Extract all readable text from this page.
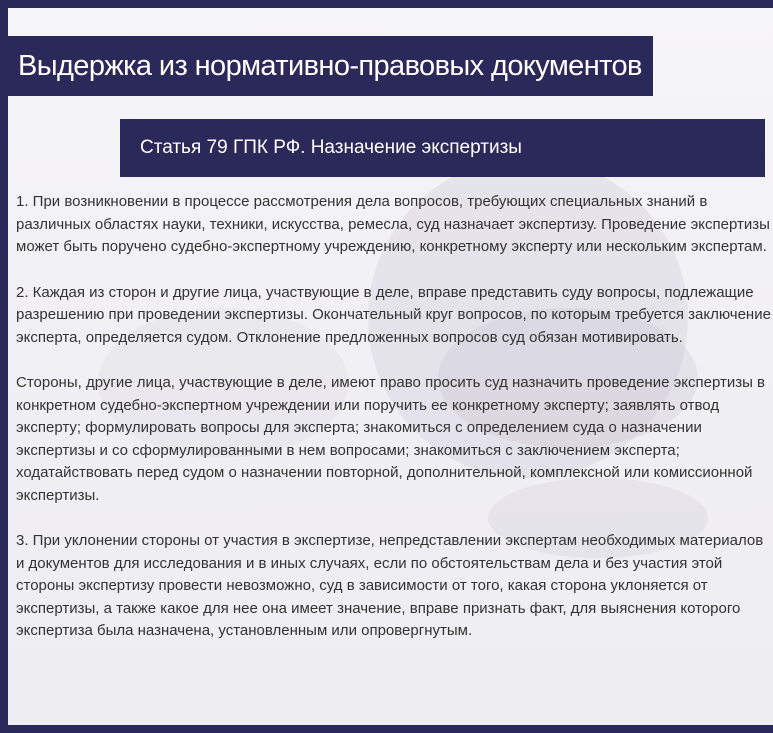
Выдержка из нормативно-правовых документов
Статья 79 ГПК РФ. Назначение экспертизы

1. При возникновении в процессе рассмотрения дела вопросов, требующих специальных знаний в различных областях науки, техники, искусства, ремесла, суд назначает экспертизу. Проведение экспертизы может быть поручено судебно-экспертному учреждению, конкретному эксперту или нескольким экспертам.

2. Каждая из сторон и другие лица, участвующие в деле, вправе представить суду вопросы, подлежащие разрешению при проведении экспертизы. Окончательный круг вопросов, по которым требуется заключение эксперта, определяется судом. Отклонение предложенных вопросов суд обязан мотивировать.

Стороны, другие лица, участвующие в деле, имеют право просить суд назначить проведение экспертизы в конкретном судебно-экспертном учреждении или поручить ее конкретному эксперту; заявлять отвод эксперту; формулировать вопросы для эксперта; знакомиться с определением суда о назначении экспертизы и со сформулированными в нем вопросами; знакомиться с заключением эксперта; ходатайствовать перед судом о назначении повторной, дополнительной, комплексной или комиссионной экспертизы.

3. При уклонении стороны от участия в экспертизе, непредставлении экспертам необходимых материалов и документов для исследования и в иных случаях, если по обстоятельствам дела и без участия этой стороны экспертизу провести невозможно, суд в зависимости от того, какая сторона уклоняется от экспертизы, а также какое для нее она имеет значение, вправе признать факт, для выяснения которого экспертиза была назначена, установленным или опровергнутым.
